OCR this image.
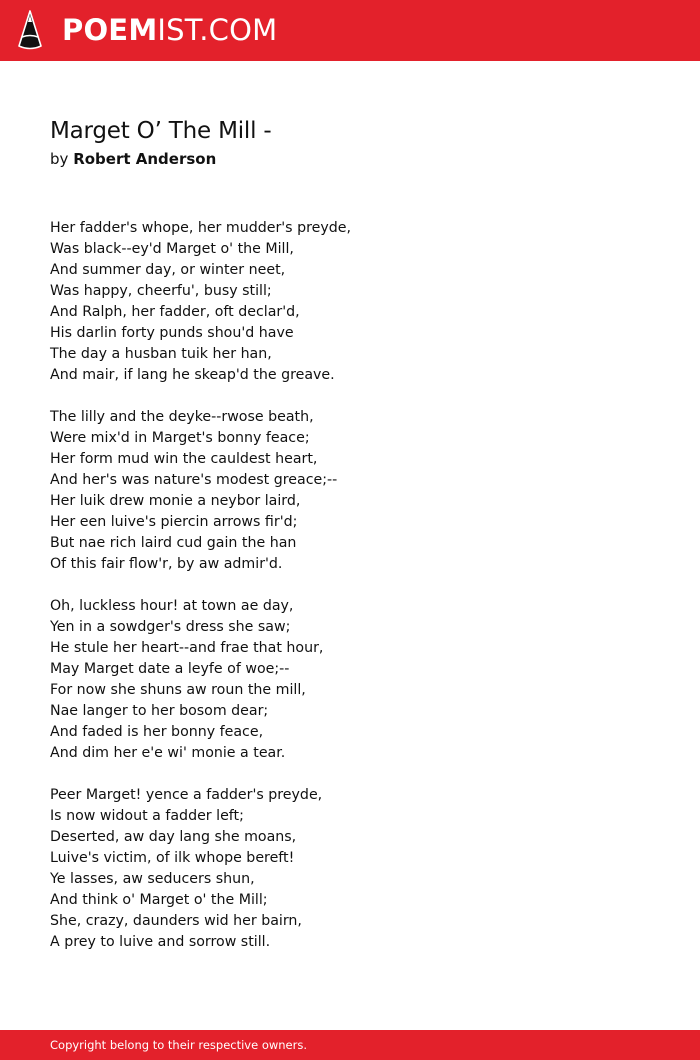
POEMIST.COM
Marget O’ The Mill -
by Robert Anderson
Her fadder's whope, her mudder's preyde,
Was black--ey'd Marget o' the Mill,
And summer day, or winter neet,
Was happy, cheerfu', busy still;
And Ralph, her fadder, oft declar'd,
His darlin forty punds shou'd have
The day a husban tuik her han,
And mair, if lang he skeap'd the greave.
The lilly and the deyke--rwose beath,
Were mix'd in Marget's bonny feace;
Her form mud win the cauldest heart,
And her's was nature's modest greace;--
Her luik drew monie a neybor laird,
Her een luive's piercin arrows fir'd;
But nae rich laird cud gain the han
Of this fair flow'r, by aw admir'd.
Oh, luckless hour! at town ae day,
Yen in a sowdger's dress she saw;
He stule her heart--and frae that hour,
May Marget date a leyfe of woe;--
For now she shuns aw roun the mill,
Nae langer to her bosom dear;
And faded is her bonny feace,
And dim her e'e wi' monie a tear.
Peer Marget! yence a fadder's preyde,
Is now widout a fadder left;
Deserted, aw day lang she moans,
Luive's victim, of ilk whope bereft!
Ye lasses, aw seducers shun,
And think o' Marget o' the Mill;
She, crazy, daunders wid her bairn,
A prey to luive and sorrow still.
Copyright belong to their respective owners.
